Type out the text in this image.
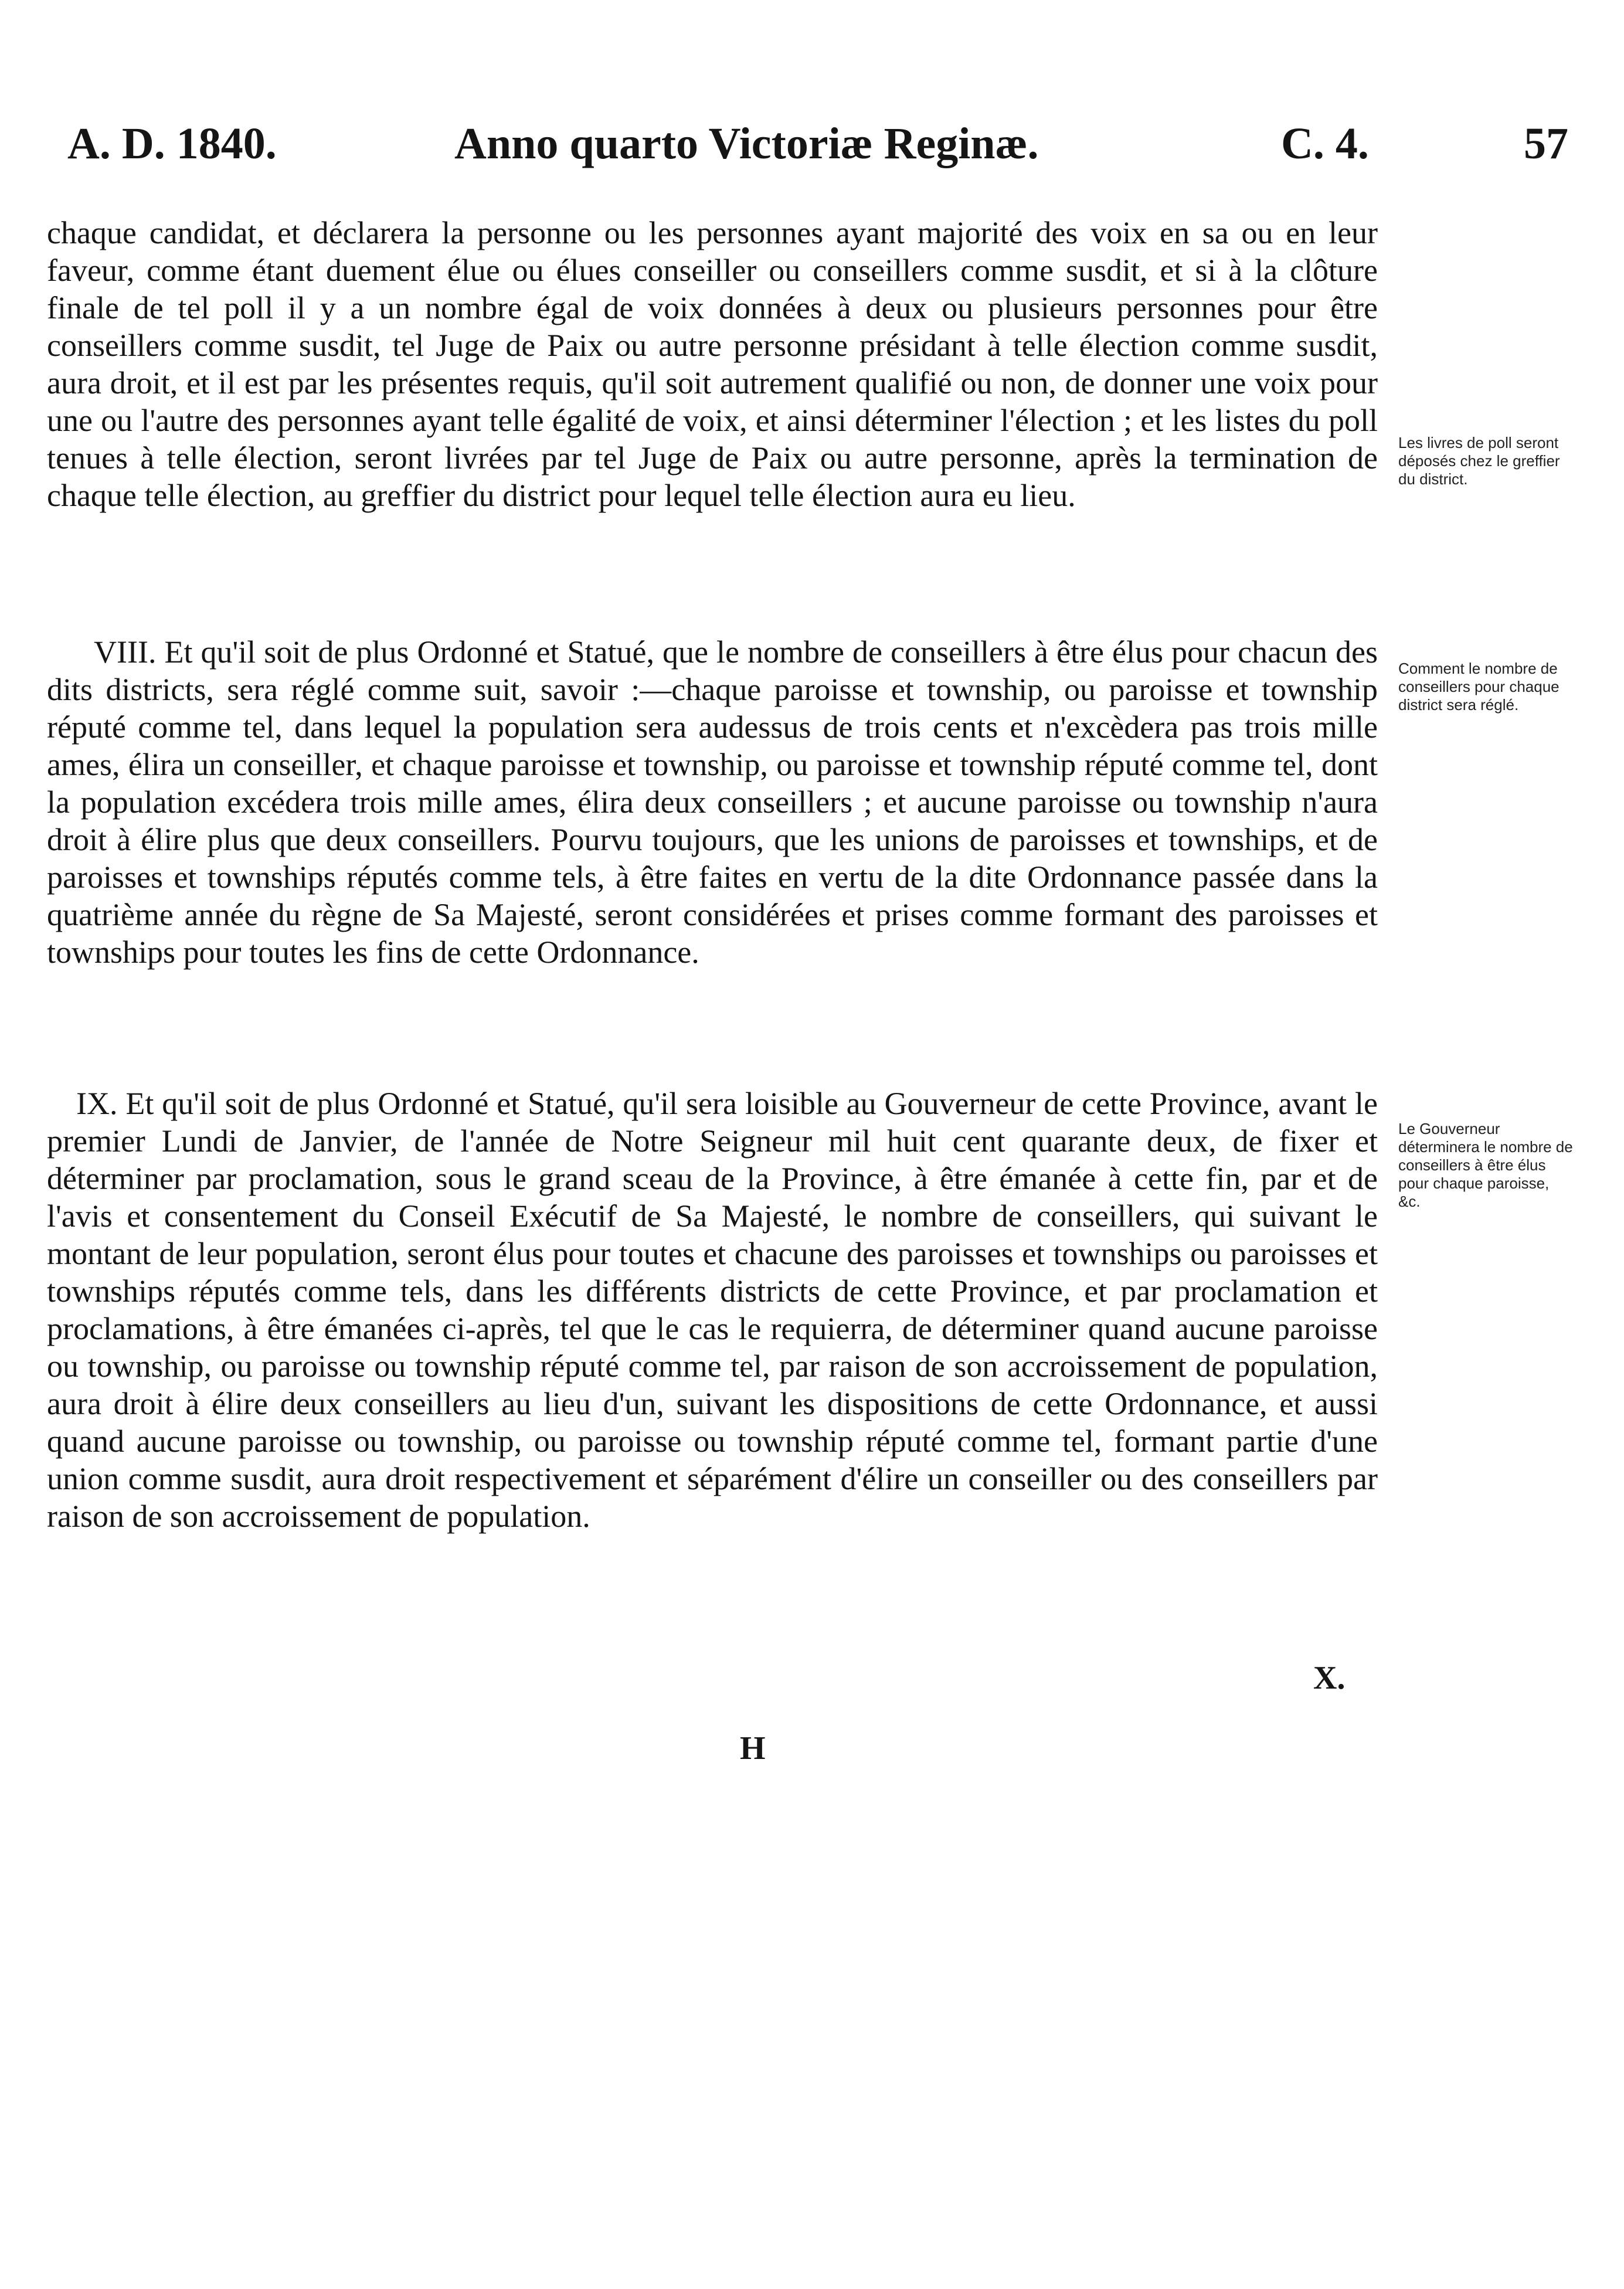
A. D. 1840.	Anno quarto Victoriæ Reginæ.	C. 4.	57

chaque candidat, et déclarera la personne ou les personnes ayant majorité des voix en sa ou en leur faveur, comme étant duement élue ou élues conseiller ou conseillers comme susdit, et si à la clôture finale de tel poll il y a un nombre égal de voix données à deux ou plusieurs personnes pour être conseillers comme susdit, tel Juge de Paix ou autre personne présidant à telle élection comme susdit, aura droit, et il est par les présentes requis, qu'il soit autrement qualifié ou non, de donner une voix pour une ou l'autre des personnes ayant telle égalité de voix, et ainsi déterminer l'élection ; et les listes du poll tenues à telle élection, seront livrées par tel Juge de Paix ou autre personne, après la termination de chaque telle élection, au greffier du district pour lequel telle élection aura eu lieu.

VIII. Et qu'il soit de plus Ordonné et Statué, que le nombre de conseillers à être élus pour chacun des dits districts, sera réglé comme suit, savoir :—chaque paroisse et township, ou paroisse et township réputé comme tel, dans lequel la population sera audessus de trois cents et n'excèdera pas trois mille ames, élira un conseiller, et chaque paroisse et township, ou paroisse et township réputé comme tel, dont la population excédera trois mille ames, élira deux conseillers ; et aucune paroisse ou township n'aura droit à élire plus que deux conseillers. Pourvu toujours, que les unions de paroisses et townships, et de paroisses et townships réputés comme tels, à être faites en vertu de la dite Ordonnance passée dans la quatrième année du règne de Sa Majesté, seront considérées et prises comme formant des paroisses et townships pour toutes les fins de cette Ordonnance.

IX. Et qu'il soit de plus Ordonné et Statué, qu'il sera loisible au Gouverneur de cette Province, avant le premier Lundi de Janvier, de l'année de Notre Seigneur mil huit cent quarante deux, de fixer et déterminer par proclamation, sous le grand sceau de la Province, à être émanée à cette fin, par et de l'avis et consentement du Conseil Exécutif de Sa Majesté, le nombre de conseillers, qui suivant le montant de leur population, seront élus pour toutes et chacune des paroisses et townships ou paroisses et townships réputés comme tels, dans les différents districts de cette Province, et par proclamation et proclamations, à être émanées ci-après, tel que le cas le requierra, de déterminer quand aucune paroisse ou township, ou paroisse ou township réputé comme tel, par raison de son accroissement de population, aura droit à élire deux conseillers au lieu d'un, suivant les dispositions de cette Ordonnance, et aussi quand aucune paroisse ou township, ou paroisse ou township réputé comme tel, formant partie d'une union comme susdit, aura droit respectivement et séparément d'élire un conseiller ou des conseillers par raison de son accroissement de population.

Les livres de poll seront déposés chez le greffier du district.
Comment le nombre de conseillers pour chaque district sera réglé.
Le Gouverneur déterminera le nombre de conseillers à être élus pour chaque paroisse, &c.
X.
H
